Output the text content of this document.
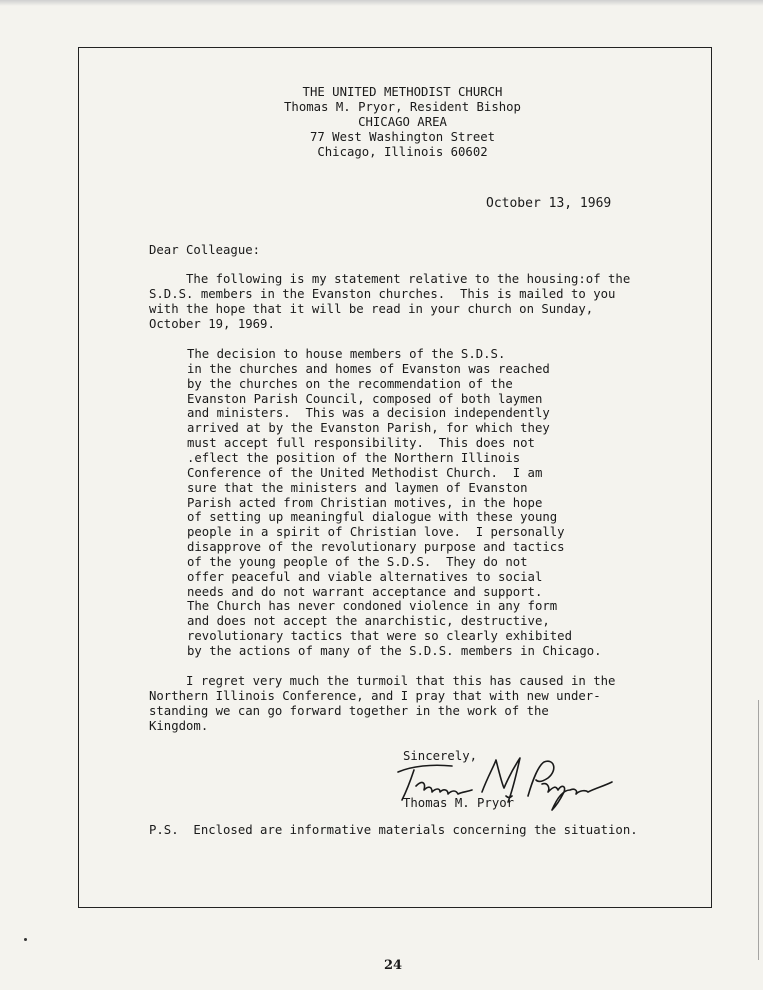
THE UNITED METHODIST CHURCH
Thomas M. Pryor, Resident Bishop
CHICAGO AREA
77 West Washington Street
Chicago, Illinois 60602
October 13, 1969
Dear Colleague:
The following is my statement relative to the housing:of the
S.D.S. members in the Evanston churches.  This is mailed to you
with the hope that it will be read in your church on Sunday,
October 19, 1969.
The decision to house members of the S.D.S.
in the churches and homes of Evanston was reached
by the churches on the recommendation of the
Evanston Parish Council, composed of both laymen
and ministers.  This was a decision independently
arrived at by the Evanston Parish, for which they
must accept full responsibility.  This does not
.eflect the position of the Northern Illinois
Conference of the United Methodist Church.  I am
sure that the ministers and laymen of Evanston
Parish acted from Christian motives, in the hope
of setting up meaningful dialogue with these young
people in a spirit of Christian love.  I personally
disapprove of the revolutionary purpose and tactics
of the young people of the S.D.S.  They do not
offer peaceful and viable alternatives to social
needs and do not warrant acceptance and support.
The Church has never condoned violence in any form
and does not accept the anarchistic, destructive,
revolutionary tactics that were so clearly exhibited
by the actions of many of the S.D.S. members in Chicago.
I regret very much the turmoil that this has caused in the
Northern Illinois Conference, and I pray that with new under-
standing we can go forward together in the work of the
Kingdom.
Sincerely,
Thomas M. Pryor
P.S.  Enclosed are informative materials concerning the situation.
24
